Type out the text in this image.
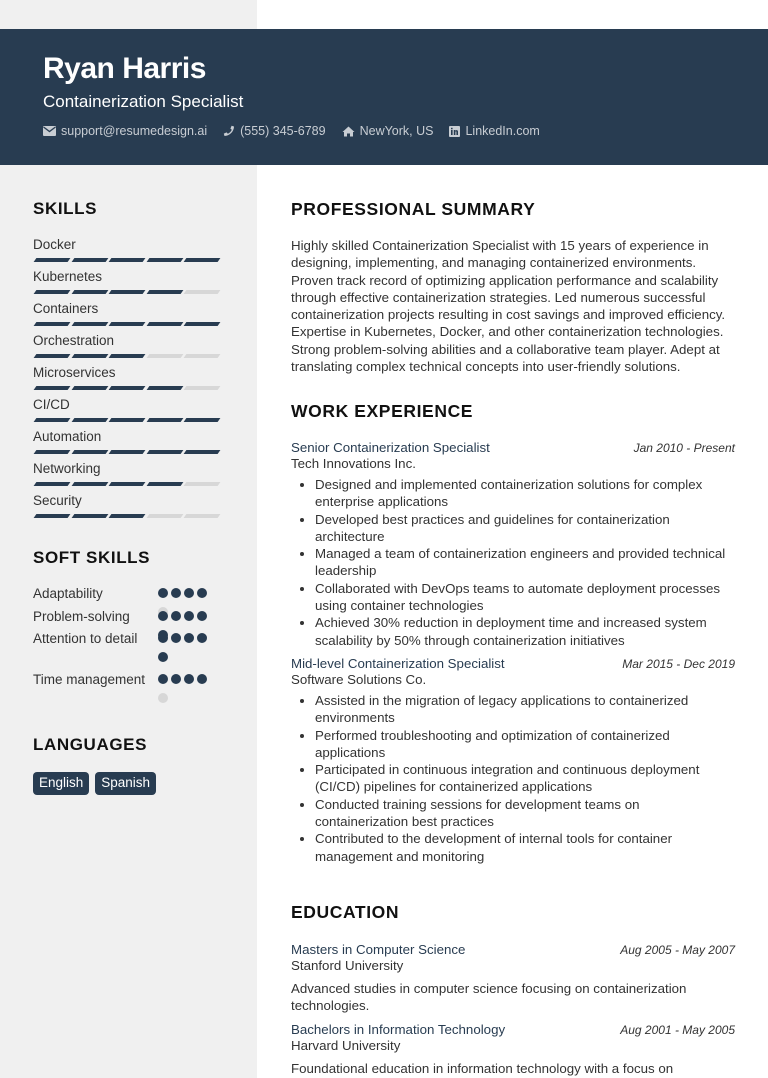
Ryan Harris
Containerization Specialist
support@resumedesign.ai	(555) 345-6789	NewYork, US	LinkedIn.com
SKILLS
Docker
Kubernetes
Containers
Orchestration
Microservices
CI/CD
Automation
Networking
Security
SOFT SKILLS
Adaptability
Problem-solving
Attention to detail
Time management
LANGUAGES
English	Spanish
PROFESSIONAL SUMMARY

Highly skilled Containerization Specialist with 15 years of experience in designing, implementing, and managing containerized environments. Proven track record of optimizing application performance and scalability through effective containerization strategies. Led numerous successful containerization projects resulting in cost savings and improved efficiency. Expertise in Kubernetes, Docker, and other containerization technologies. Strong problem-solving abilities and a collaborative team player. Adept at translating complex technical concepts into user-friendly solutions.

WORK EXPERIENCE
Senior Containerization Specialist	Jan 2010 - Present
Tech Innovations Inc.
• Designed and implemented containerization solutions for complex enterprise applications
• Developed best practices and guidelines for containerization architecture
• Managed a team of containerization engineers and provided technical leadership
• Collaborated with DevOps teams to automate deployment processes using container technologies
• Achieved 30% reduction in deployment time and increased system scalability by 50% through containerization initiatives
Mid-level Containerization Specialist	Mar 2015 - Dec 2019
Software Solutions Co.
• Assisted in the migration of legacy applications to containerized environments
• Performed troubleshooting and optimization of containerized applications
• Participated in continuous integration and continuous deployment (CI/CD) pipelines for containerized applications
• Conducted training sessions for development teams on containerization best practices
• Contributed to the development of internal tools for container management and monitoring
EDUCATION
Masters in Computer Science	Aug 2005 - May 2007
Stanford University

Advanced studies in computer science focusing on containerization technologies.

Bachelors in Information Technology	Aug 2001 - May 2005
Harvard University

Foundational education in information technology with a focus on
